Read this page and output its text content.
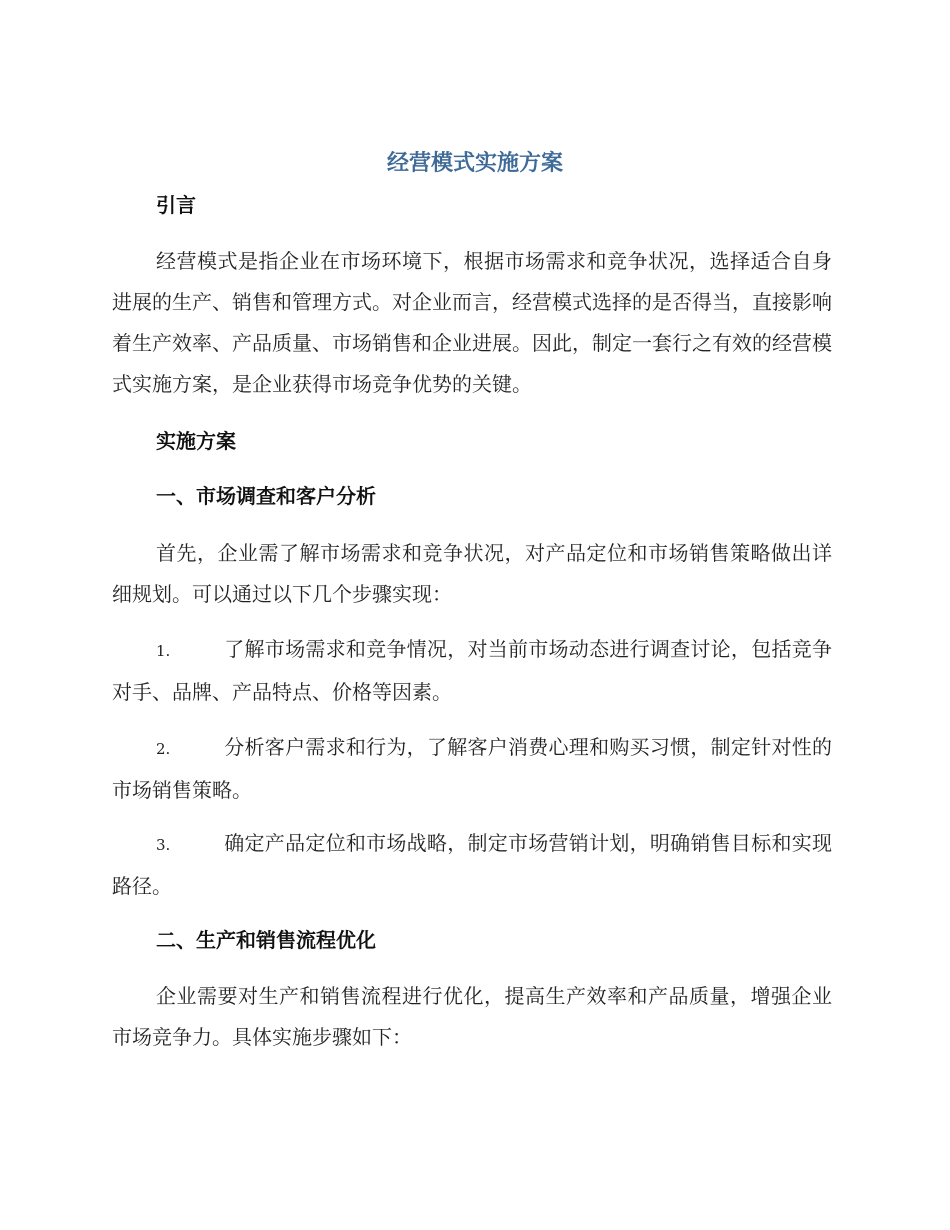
经营模式实施方案
引言
经营模式是指企业在市场环境下，根据市场需求和竞争状况，选择适合自身进展的生产、销售和管理方式。对企业而言，经营模式选择的是否得当，直接影响着生产效率、产品质量、市场销售和企业进展。因此，制定一套行之有效的经营模式实施方案，是企业获得市场竞争优势的关键。
实施方案
一、市场调查和客户分析
首先，企业需了解市场需求和竞争状况，对产品定位和市场销售策略做出详细规划。可以通过以下几个步骤实现：
1.	了解市场需求和竞争情况，对当前市场动态进行调查讨论，包括竞争对手、品牌、产品特点、价格等因素。
2.	分析客户需求和行为，了解客户消费心理和购买习惯，制定针对性的市场销售策略。
3.	确定产品定位和市场战略，制定市场营销计划，明确销售目标和实现路径。
二、生产和销售流程优化
企业需要对生产和销售流程进行优化，提高生产效率和产品质量，增强企业市场竞争力。具体实施步骤如下：
